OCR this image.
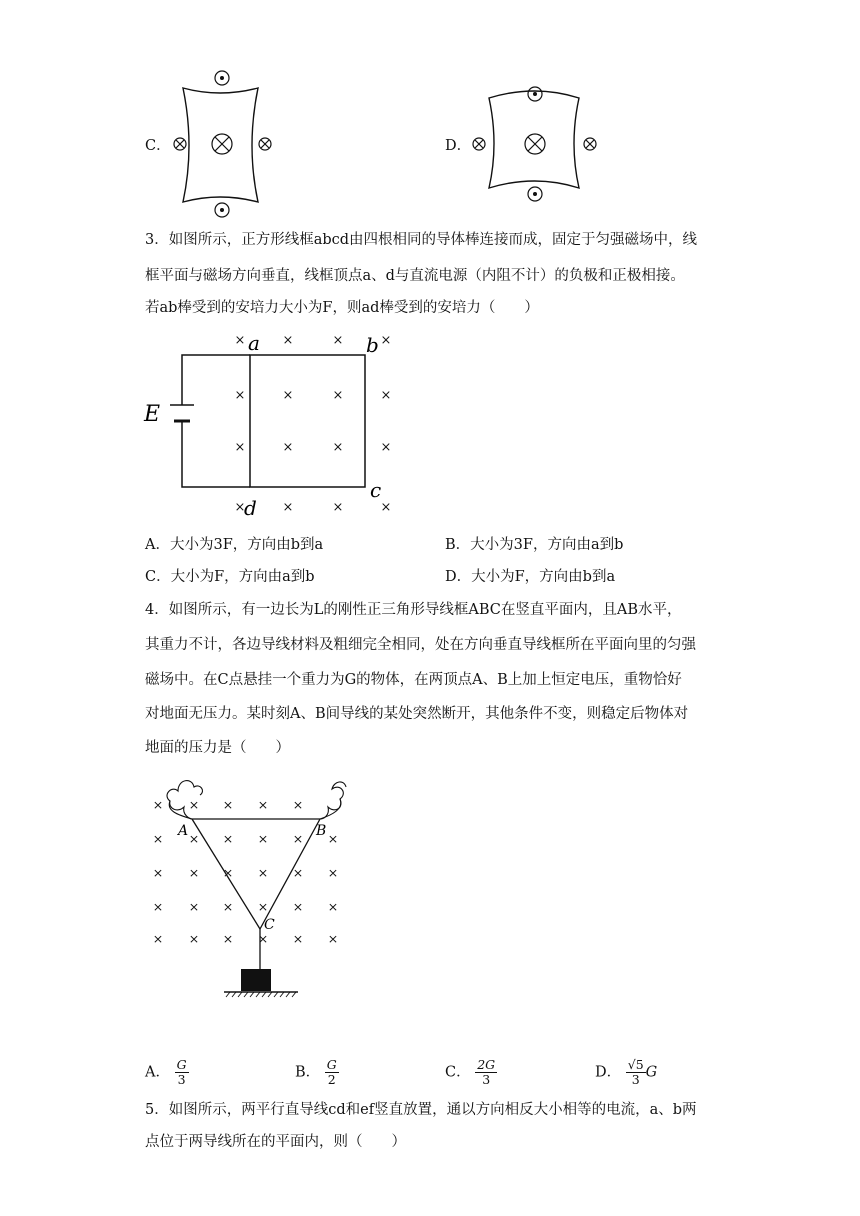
C．	D．
3．如图所示，正方形线框abcd由四根相同的导体棒连接而成，固定于匀强磁场中，线
框平面与磁场方向垂直，线框顶点a、d与直流电源（内阻不计）的负极和正极相接。
若ab棒受到的安培力大小为F，则ad棒受到的安培力（　　）
×	×	×	×
×	×	×	×
×	×	×	×
×	×	×	×
a	b
c
d
E
A．大小为3F，方向由b到a	B．大小为3F，方向由a到b
C．大小为F，方向由a到b	D．大小为F，方向由b到a
4．如图所示，有一边长为L的刚性正三角形导线框ABC在竖直平面内，且AB水平，
其重力不计，各边导线材料及粗细完全相同，处在方向垂直导线框所在平面向里的匀强
磁场中。在C点悬挂一个重力为G的物体，在两顶点A、B上加上恒定电压，重物恰好
对地面无压力。某时刻A、B间导线的某处突然断开，其他条件不变，则稳定后物体对
地面的压力是（　　）
× × × × ×
× × × × × ×
× × × × × ×
× × × × × ×
× × × × × ×
A	B
C
A． $\frac{G}{3}$	B． $\frac{G}{2}$	C． $\frac{2G}{3}$	D． $\frac{√5}{3}$ G
5．如图所示，两平行直导线cd和ef竖直放置，通以方向相反大小相等的电流，a、b两
点位于两导线所在的平面内，则（　　）
